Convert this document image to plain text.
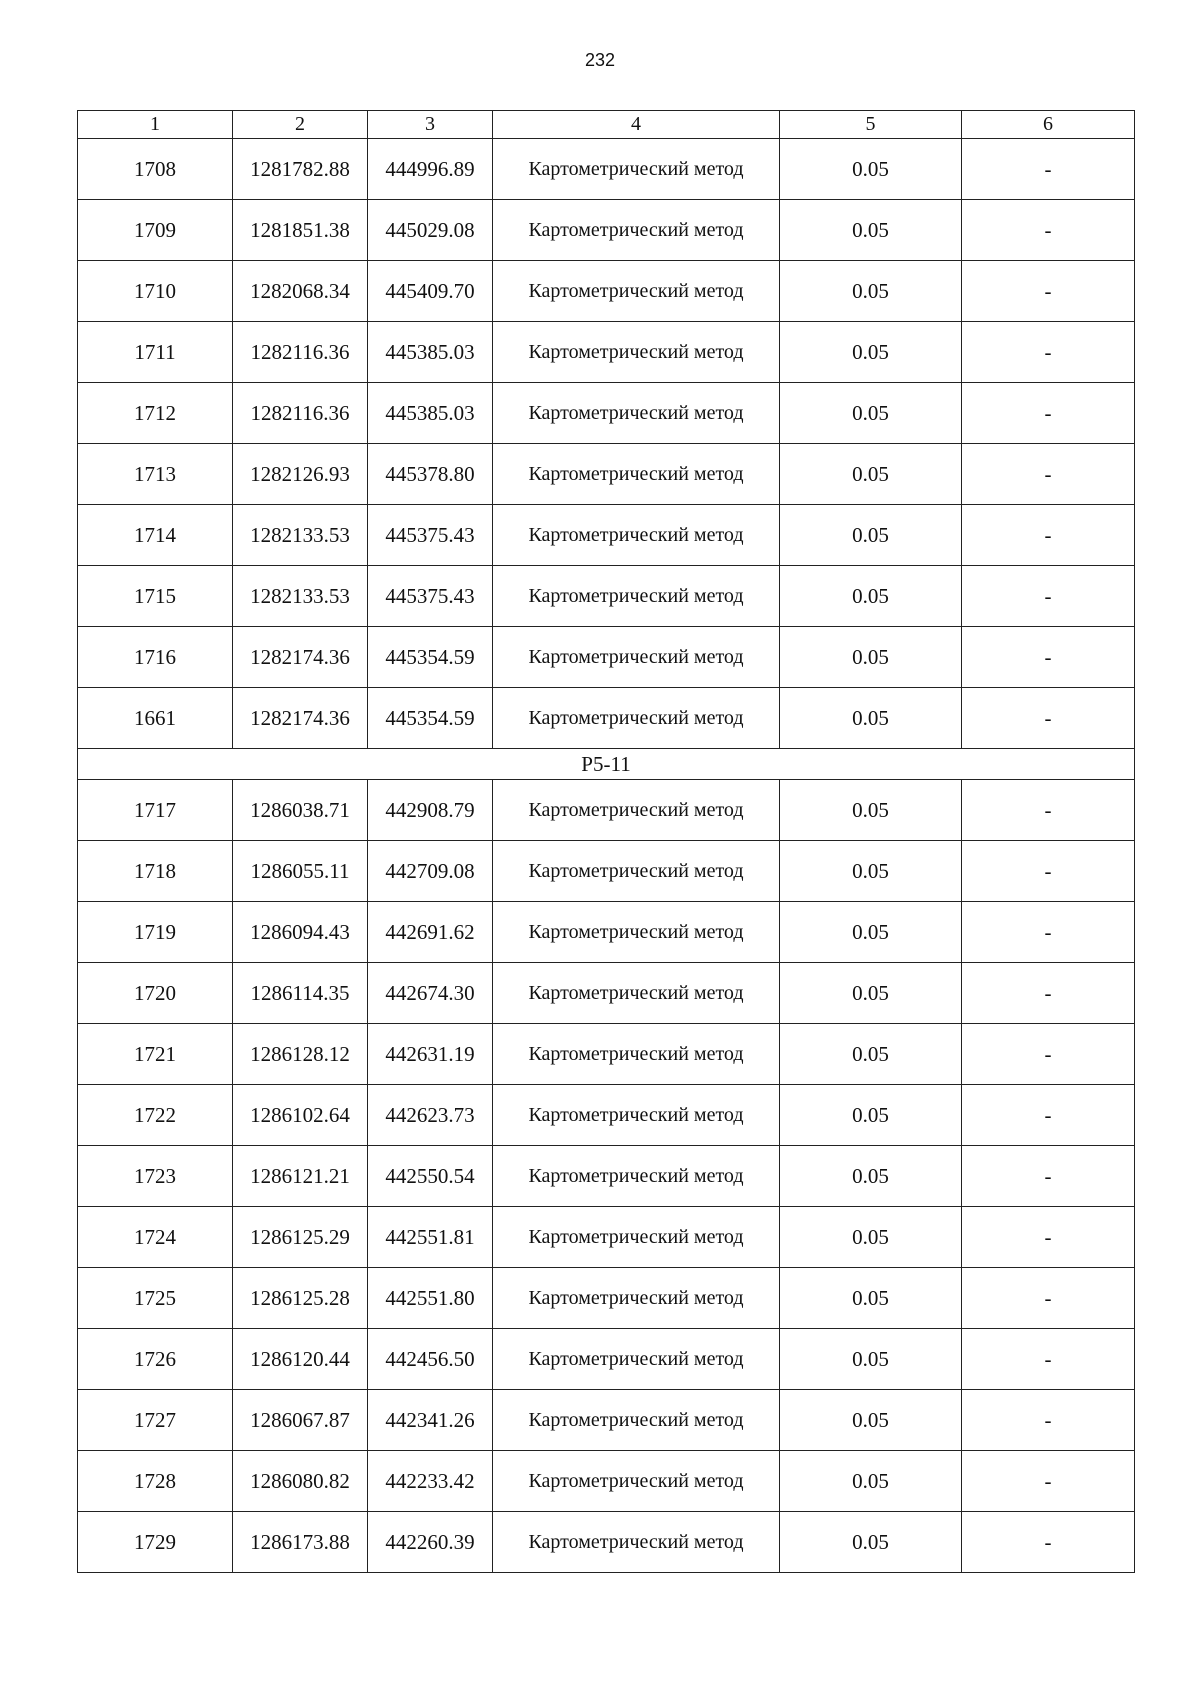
232
1	2	3	4	5	6
1708	1281782.88	444996.89	Картометрический метод	0.05	-
1709	1281851.38	445029.08	Картометрический метод	0.05	-
1710	1282068.34	445409.70	Картометрический метод	0.05	-
1711	1282116.36	445385.03	Картометрический метод	0.05	-
1712	1282116.36	445385.03	Картометрический метод	0.05	-
1713	1282126.93	445378.80	Картометрический метод	0.05	-
1714	1282133.53	445375.43	Картометрический метод	0.05	-
1715	1282133.53	445375.43	Картометрический метод	0.05	-
1716	1282174.36	445354.59	Картометрический метод	0.05	-
1661	1282174.36	445354.59	Картометрический метод	0.05	-
Р5-11					
1717	1286038.71	442908.79	Картометрический метод	0.05	-
1718	1286055.11	442709.08	Картометрический метод	0.05	-
1719	1286094.43	442691.62	Картометрический метод	0.05	-
1720	1286114.35	442674.30	Картометрический метод	0.05	-
1721	1286128.12	442631.19	Картометрический метод	0.05	-
1722	1286102.64	442623.73	Картометрический метод	0.05	-
1723	1286121.21	442550.54	Картометрический метод	0.05	-
1724	1286125.29	442551.81	Картометрический метод	0.05	-
1725	1286125.28	442551.80	Картометрический метод	0.05	-
1726	1286120.44	442456.50	Картометрический метод	0.05	-
1727	1286067.87	442341.26	Картометрический метод	0.05	-
1728	1286080.82	442233.42	Картометрический метод	0.05	-
1729	1286173.88	442260.39	Картометрический метод	0.05	-
